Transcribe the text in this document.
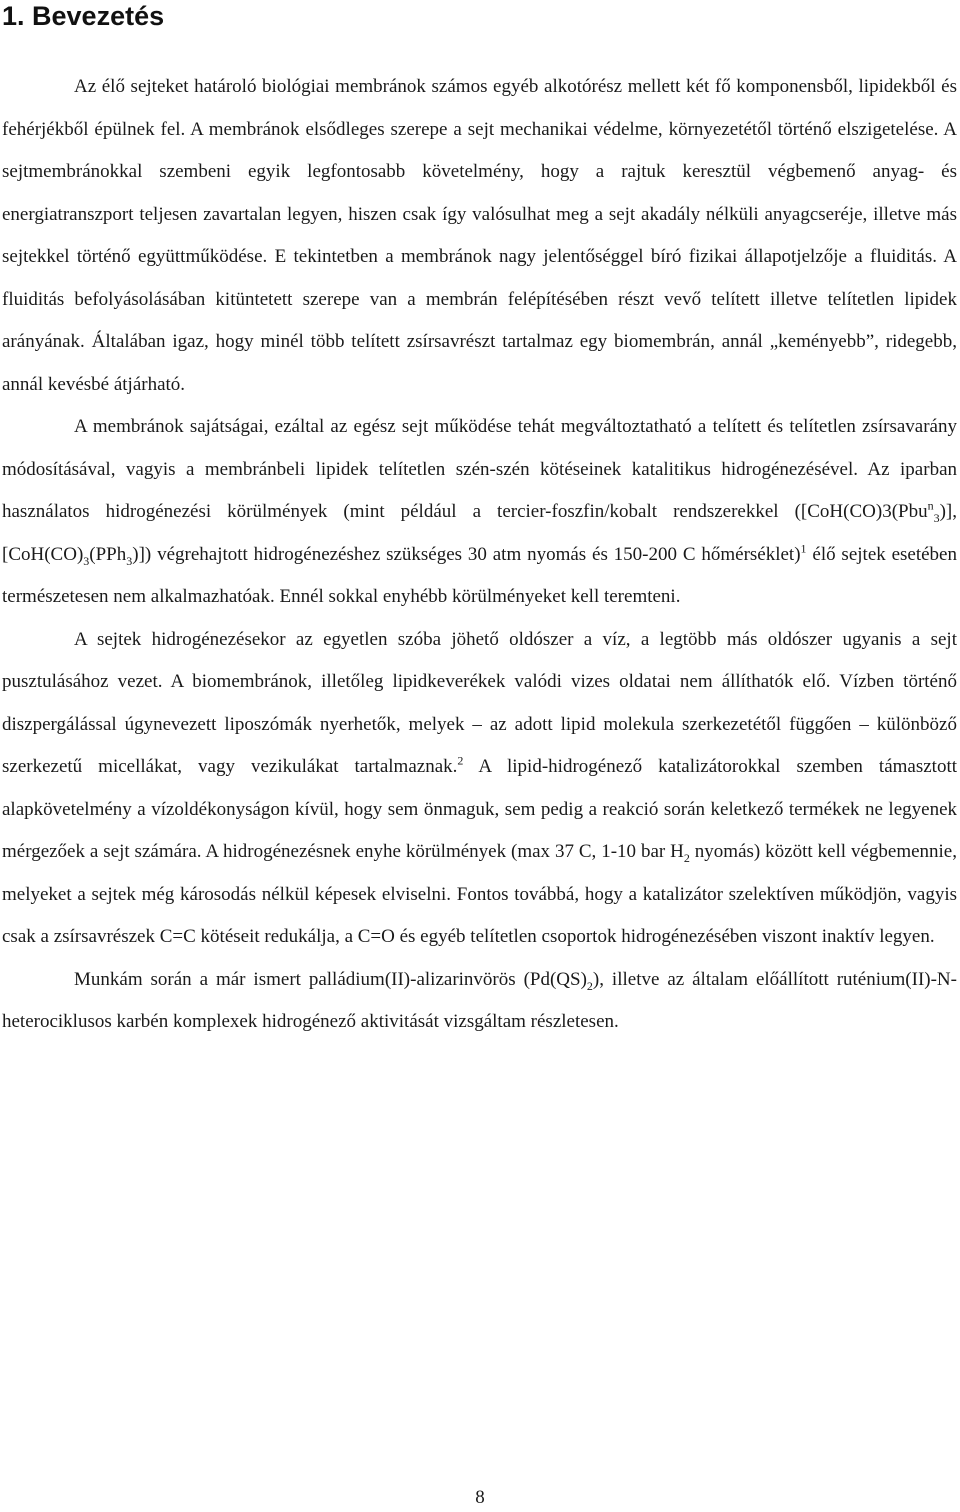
1. Bevezetés

Az élő sejteket határoló biológiai membránok számos egyéb alkotórész mellett két fő komponensből, lipidekből és fehérjékből épülnek fel. A membránok elsődleges szerepe a sejt mechanikai védelme, környezetétől történő elszigetelése. A sejtmembránokkal szembeni egyik legfontosabb követelmény, hogy a rajtuk keresztül végbemenő anyag- és energiatranszport teljesen zavartalan legyen, hiszen csak így valósulhat meg a sejt akadály nélküli anyagcseréje, illetve más sejtekkel történő együttműködése. E tekintetben a membránok nagy jelentőséggel bíró fizikai állapotjelzője a fluiditás. A fluiditás befolyásolásában kitüntetett szerepe van a membrán felépítésében részt vevő telített illetve telítetlen lipidek arányának. Általában igaz, hogy minél több telített zsírsavrészt tartalmaz egy biomembrán, annál „keményebb”, ridegebb, annál kevésbé átjárható.

A membránok sajátságai, ezáltal az egész sejt működése tehát megváltoztatható a telített és telítetlen zsírsavarány módosításával, vagyis a membránbeli lipidek telítetlen szén-szén kötéseinek katalitikus hidrogénezésével. Az iparban használatos hidrogénezési körülmények (mint például a tercier-foszfin/kobalt rendszerekkel ([CoH(CO)3(Pbu$^n_3$)], $[CoH(CO)_3(PPh_3)]$) végrehajtott hidrogénezéshez szükséges 30 atm nyomás és 150-200 C hőmérséklet)$^1$ élő sejtek esetében természetesen nem alkalmazhatóak. Ennél sokkal enyhébb körülményeket kell teremteni.

A sejtek hidrogénezésekor az egyetlen szóba jöhető oldószer a víz, a legtöbb más oldószer ugyanis a sejt pusztulásához vezet. A biomembránok, illetőleg lipidkeverékek valódi vizes oldatai nem állíthatók elő. Vízben történő diszpergálással úgynevezett liposzómák nyerhetők, melyek – az adott lipid molekula szerkezetétől függően – különböző szerkezetű micellákat, vagy vezikulákat tartalmaznak.$^2$ A lipid-hidrogénező katalizátorokkal szemben támasztott alapkövetelmény a vízoldékonyságon kívül, hogy sem önmaguk, sem pedig a reakció során keletkező termékek ne legyenek mérgezőek a sejt számára. A hidrogénezésnek enyhe körülmények (max 37 C, 1-10 bar $H_2$ nyomás) között kell végbemennie, melyeket a sejtek még károsodás nélkül képesek elviselni. Fontos továbbá, hogy a katalizátor szelektíven működjön, vagyis csak a zsírsavrészek C=C kötéseit redukálja, a C=O és egyéb telítetlen csoportok hidrogénezésében viszont inaktív legyen.

Munkám során a már ismert palládium(II)-alizarinvörös $(Pd(QS)_2)$, illetve az általam előállított ruténium(II)-N-heterociklusos karbén komplexek hidrogénező aktivitását vizsgáltam részletesen.

8
